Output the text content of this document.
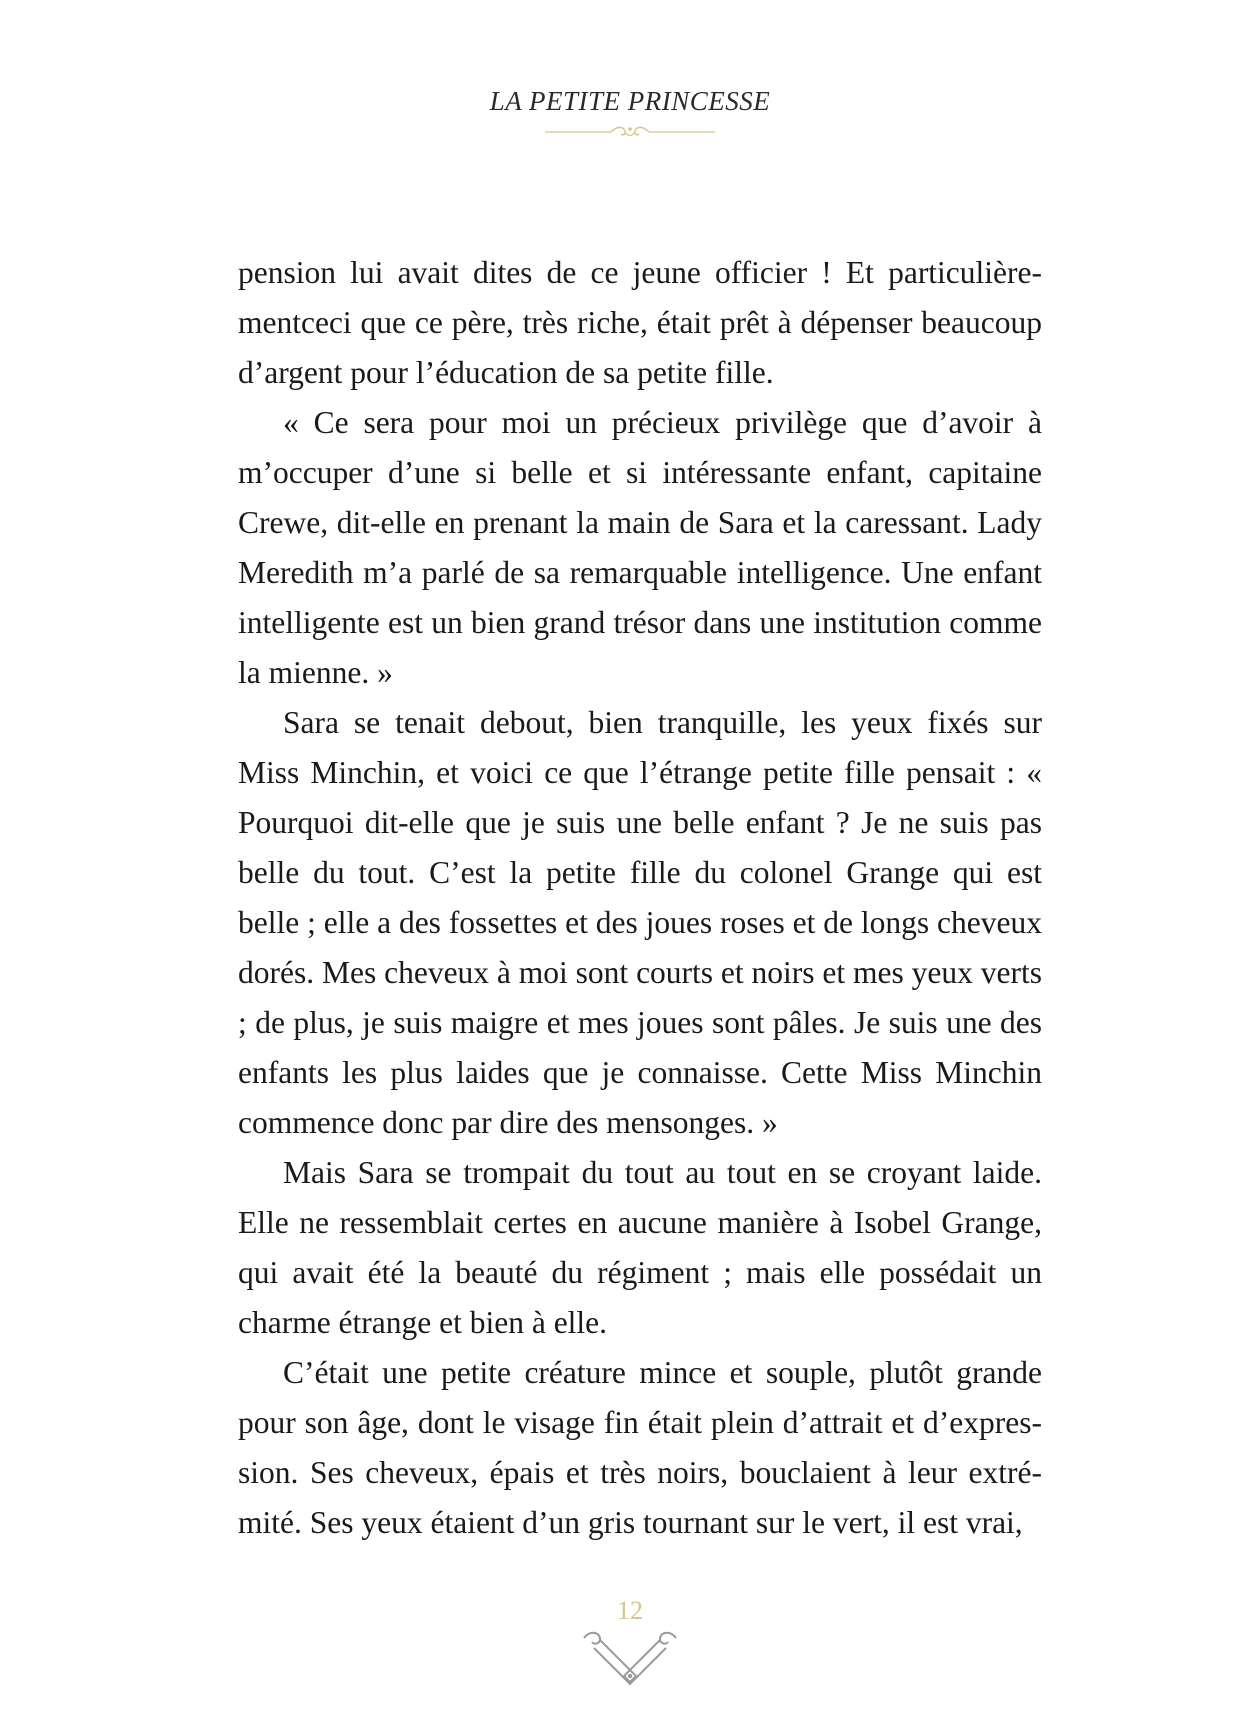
LA PETITE PRINCESSE

pension lui avait dites de ce jeune officier ! Et particulièrementceci que ce père, très riche, était prêt à dépenser beaucoup d’argent pour l’éducation de sa petite fille.

« Ce sera pour moi un précieux privilège que d’avoir à m’occuper d’une si belle et si intéressante enfant, capitaine Crewe, dit-elle en prenant la main de Sara et la caressant. Lady Meredith m’a parlé de sa remarquable intelligence. Une enfant intelligente est un bien grand trésor dans une institution comme la mienne. »

Sara se tenait debout, bien tranquille, les yeux fixés sur Miss Minchin, et voici ce que l’étrange petite fille pensait : « Pourquoi dit-elle que je suis une belle enfant ? Je ne suis pas belle du tout. C’est la petite fille du colonel Grange qui est belle ; elle a des fossettes et des joues roses et de longs cheveux dorés. Mes cheveux à moi sont courts et noirs et mes yeux verts ; de plus, je suis maigre et mes joues sont pâles. Je suis une des enfants les plus laides que je connaisse. Cette Miss Minchin commence donc par dire des mensonges. »

Mais Sara se trompait du tout au tout en se croyant laide. Elle ne ressemblait certes en aucune manière à Isobel Grange, qui avait été la beauté du régiment ; mais elle possédait un charme étrange et bien à elle.

C’était une petite créature mince et souple, plutôt grande pour son âge, dont le visage fin était plein d’attrait et d’expression. Ses cheveux, épais et très noirs, bouclaient à leur extrémité. Ses yeux étaient d’un gris tournant sur le vert, il est vrai,

12
